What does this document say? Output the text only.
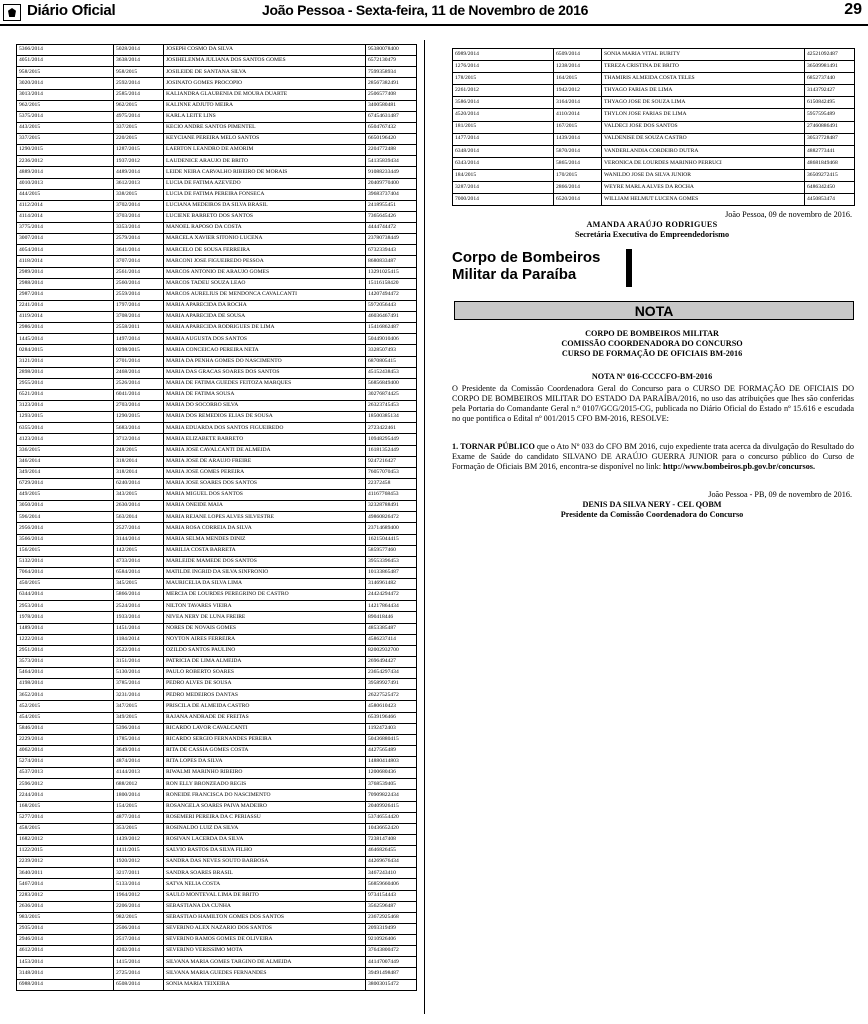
Diário Oficial	João Pessoa - Sexta-feira, 11 de Novembro de 2016	29
5366/2014	5028/2014	JOSEPH COSMO DA SILVA	95380078400
4051/2014	3638/2014	JOSIHELENMA JULIANA DOS SANTOS GOMES	6572130479
958/2015	958/2015	JOSILEIDE DE SANTANA SILVA	7599358934
3020/2014	2592/2014	JOSINATO GOMES PROCOPIO	28567382491
3013/2014	2585/2014	KALIANDRA GLAUBENIA DE MOURA DUARTE	2506577408
962/2015	962/2015	KALINNE ADJUTO MEIRA	3400580481
5375/2014	4975/2014	KARLA LEITE LINS	67454631487
443/2015	337/2015	KECIO ANDRE SANTOS PIMENTEL	6504767432
337/2015	220/2015	KEYCIANE PEREIRA MELO SANTOS	6650196420
1290/2015	1287/2015	LAERTON LEANDRO DE AMORIM	2204772488
2236/2012	1937/2012	LAUDENICE ARAUJO DE BRITO	54135839434
4889/2014	4489/2014	LEIDE NEIRA CARVALHO RIBEIRO DE MORAIS	91088233449
4010/2013	3612/2013	LUCIA DE FATIMA AZEVEDO	20409770400
444/2015	338/2015	LUCIA DE FATIMA PEREIRA FONSECA	39683737404
4112/2014	3702/2014	LUCIANA MEDEIROS DA SILVA BRASIL	2418955451
4114/2014	3703/2014	LUCIENE BARRETO DOS SANTOS	7365645426
3775/2014	3353/2014	MANOEL RAPOSO DA COSTA	4444744472
3007/2014	2579/2014	MARCELA XAVIER SITONIO LUCENA	23780738449
4054/2014	3641/2014	MARCELO DE SOUSA FERREIRA	6732339443
4118/2014	3707/2014	MARCONI JOSE FIGUEIREDO PESSOA	8680833487
2989/2014	2561/2014	MARCOS ANTONIO DE ARAUJO GOMES	13291025415
2988/2014	2560/2014	MARCOS TADEU SOUZA LEAO	15116158420
2987/2014	2559/2014	MARCOS AURELIUS DE MENDONCA CAVALCANTI	14207494472
2241/2014	1797/2014	MARIA APARECIDA DA ROCHA	5972056443
4119/2014	3708/2014	MARIA APARECIDA DE SOUSA	46036467491
2986/2014	2558/2011	MARIA APARECIDA RODRIGUES DE LIMA	15416862487
1445/2014	1497/2014	MARIA AUGUSTA DOS SANTOS	50449010406
0284/2015	0298/2015	MARIA CONCEICAO PEREIRA NETA	3328507493
3121/2014	2701/2014	MARIA DA PENHA GOMES DO NASCIMENTO	6870805415
2898/2014	2468/2014	MARIA DAS GRACAS SOARES DOS SANTOS	45152438453
2955/2014	2526/2014	MARIA DE FATIMA GUEDES FEITOZA MARQUES	56856849400
6521/2014	6041/2014	MARIA DE FATIMA SOUSA	30276874425
3123/2014	2703/2014	MARIA DO SOCORRO SILVA	26323745453
1293/2015	1290/2015	MARIA DOS REMEDIOS ELIAS DE SOUSA	18500385134
6355/2014	5683/2014	MARIA EDUARDA DOS SANTOS FIGUEIREDO	2723422461
4123/2014	3712/2014	MARIA ELIZABETE BARRETO	10948295449
336/2015	248/2015	MARIA JOSE CAVALCANTI DE ALMEIDA	16181352449
346/2014	318/2014	MARIA JOSE DE ARAUJO FREIRE	9247216427
349/2014	318/2014	MARIA JOSE GOMES PEREIRA	76057070453
6729/2014	6240/2014	MARIA JOSE SOARES DOS SANTOS	22372458
449/2015	343/2015	MARIA MIGUEL DOS SANTOS	41167768453
3050/2014	2630/2014	MARIA ONEIDE MAIA	32328788491
596/2014	563/2014	MARIA REJANE LOPES ALVES SILVESTRE	49860826472
2956/2014	2527/2014	MARIA ROSA CORREIA DA SILVA	23714689400
3566/2014	3144/2014	MARIA SELMA MENDES DINIZ	16215044415
156/2015	142/2015	MARILIA COSTA BARRETA	5859577460
5132/2014	4733/2014	MARLEIDE MAMEDE DOS SANTOS	39553396453
7064/2014	6584/2014	MATILDE INGRID DA SILVA SINFRONIO	10133865487
450/2015	345/2015	MAURICELIA DA SILVA LIMA	3146961482
6344/2014	5866/2014	MERCIA DE LOURDES PEREGRINO DE CASTRO	24424294472
2953/2014	2524/2014	NILTON TAVARES VIEIRA	14217864434
1978/2014	1933/2014	NIVEA NERY DE LUNA FREIRE	890418446
1489/2014	1451/2014	NORES DE NOVAIS GOMES	4853385487
1222/2014	1184/2014	NOYTON AIRES FERREIRA	4586237414
2951/2014	2522/2014	OZILDO SANTOS PAULINO	82002932700
3573/2014	3151/2014	PATRICIA DE LIMA ALMEIDA	2696494427
5464/2014	5130/2014	PAULO ROBERTO SOARES	23654297434
4198/2014	3785/2014	PEDRO ALVES DE SOUSA	39589927491
3652/2014	3231/2014	PEDRO MEDEIROS DANTAS	26227525472
452/2015	347/2015	PRISCILA DE ALMEIDA CASTRO	4580610423
454/2015	349/2015	RAJANA ANDRADE DE FREITAS	6539196466
5846/2014	5396/2014	RICARDO LAVOR CAVALCANTI	1192472403
2229/2014	1785/2014	RICARDO SERGIO FERNANDES PEREIRA	50436880415
4062/2014	3649/2014	RITA DE CASSIA GOMES COSTA	4427565489
5274/2014	4874/2014	RITA LOPES DA SILVA	14880414803
4537/2013	4144/2013	RIWALMI MARINHO RIBEIRO	1200680436
2596/2012	688/2012	RON ELLY BRONZEADO REGIS	3768539405
2244/2014	1800/2014	RONEIDE FRANCISCA DO NASCIMENTO	70909822434
168/2015	154/2015	ROSANGELA SOARES PAIVA MADEIRO	20409926415
5277/2014	4877/2014	ROSEMERI PEREIRA DA C PERIASSU	53746554420
458/2015	353/2015	ROSINALDO LUIZ DA SILVA	10436652420
1682/2012	1439/2012	ROSIVAN LACERDA DA SILVA	7238147408
1122/2015	1411/2015	SALVIO BASTOS DA SILVA FILHO	4646826455
2239/2012	1920/2012	SANDRA DAS NEVES SOUTO BARBOSA	44269676434
3640/2011	3217/2011	SANDRA SOARES BRASIL	3467243410
5467/2014	5133/2014	SATVA NELIA COSTA	56859660406
2283/2012	1964/2012	SAULO MONTEVAL LIMA DE BRITO	9734154443
2636/2014	2206/2014	SEBASTIANA DA CUNHA	3562596487
983/2015	982/2015	SEBASTIAO HAMILTON GOMES DOS SANTOS	23672925468
2935/2014	2506/2014	SEVERINO ALEX NAZARIO DOS SANTOS	2093319499
2946/2014	2517/2014	SEVERINO RAMOS GOMES DE OLIVEIRA	9210926406
4612/2014	4202/2014	SEVERINO VERISSIMO MOTA	37643800472
1453/2014	1415/2014	SILVANA MARIA GOMES TARGINO DE ALMEIDA	44147007449
3148/2014	2725/2014	SILVANA MARIA GUEDES FERNANDES	39491498487
6988/2014	6508/2014	SONIA MARIA TEIXEIRA	38003015472
6989/2014	6509/2014	SONIA MARIA VITAL BURITY	42521092487
1276/2014	1238/2014	TEREZA CRISTINA DE BRITO	36509981491
178/2015	164/2015	THAMIRIS ALMEIDA COSTA TELES	6852737440
2261/2012	1942/2012	THYAGO FARIAS DE LIMA	3143792427
3586/2014	3164/2014	THYAGO JOSE DE SOUZA LIMA	6150842495
4520/2014	4110/2014	THYLON JOSE FARIAS DE LIMA	5957595489
181/2015	167/2015	VALDECI JOSE DOS SANTOS	27460886491
1477/2014	1439/2014	VALDENISE DE SOUZA CASTRO	30537728487
6348/2014	5870/2014	VANDERLANDIA CORDEIRO DUTRA	4882773441
6343/2014	5865/2014	VERONICA DE LOURDES MARINHO PERRUCI	48681849468
184/2015	170/2015	WANILDO JOSE DA SILVA JUNIOR	36509272415
3287/2014	2866/2014	WEYRE MARLA ALVES DA ROCHA	6486342450
7000/2014	6520/2014	WILLIAM HELMUT LUCENA GOMES	4450853474
João Pessoa, 09 de novembro de 2016.
AMANDA ARAÚJO RODRIGUES
Secretária Executiva do Empreendedorismo
Corpo de Bombeiros
Militar da Paraíba
NOTA
CORPO DE BOMBEIROS MILITAR
COMISSÃO COORDENADORA DO CONCURSO
CURSO DE FORMAÇÃO DE OFICIAIS BM-2016
NOTA Nº 016-CCCCFO-BM-2016
O Presidente da Comissão Coordenadora Geral do Concurso para o CURSO DE FORMAÇÃO DE OFICIAIS DO CORPO DE BOMBEIROS MILITAR DO ESTADO DA PARAÍBA/2016, no uso das atribuições que lhes são conferidas pela Portaria do Comandante Geral n.º 0107/GCG/2015-CG, publicada no Diário Oficial do Estado nº 15.616 e escudada no que pontifica o Edital nº 001/2015 CFO BM-2016, RESOLVE:
1. TORNAR PÚBLICO que o Ato Nº 033 do CFO BM 2016, cujo expediente trata acerca da divulgação do Resultado do Exame de Saúde do candidato SILVANO DE ARAÚJO GUERRA JUNIOR para o concurso público do Curso de Formação de Oficiais BM 2016, encontra-se disponível no link: http://www.bombeiros.pb.gov.br/concursos.
João Pessoa - PB, 09 de novembro de 2016.
DENIS DA SILVA NERY - CEL QOBM
Presidente da Comissão Coordenadora do Concurso
